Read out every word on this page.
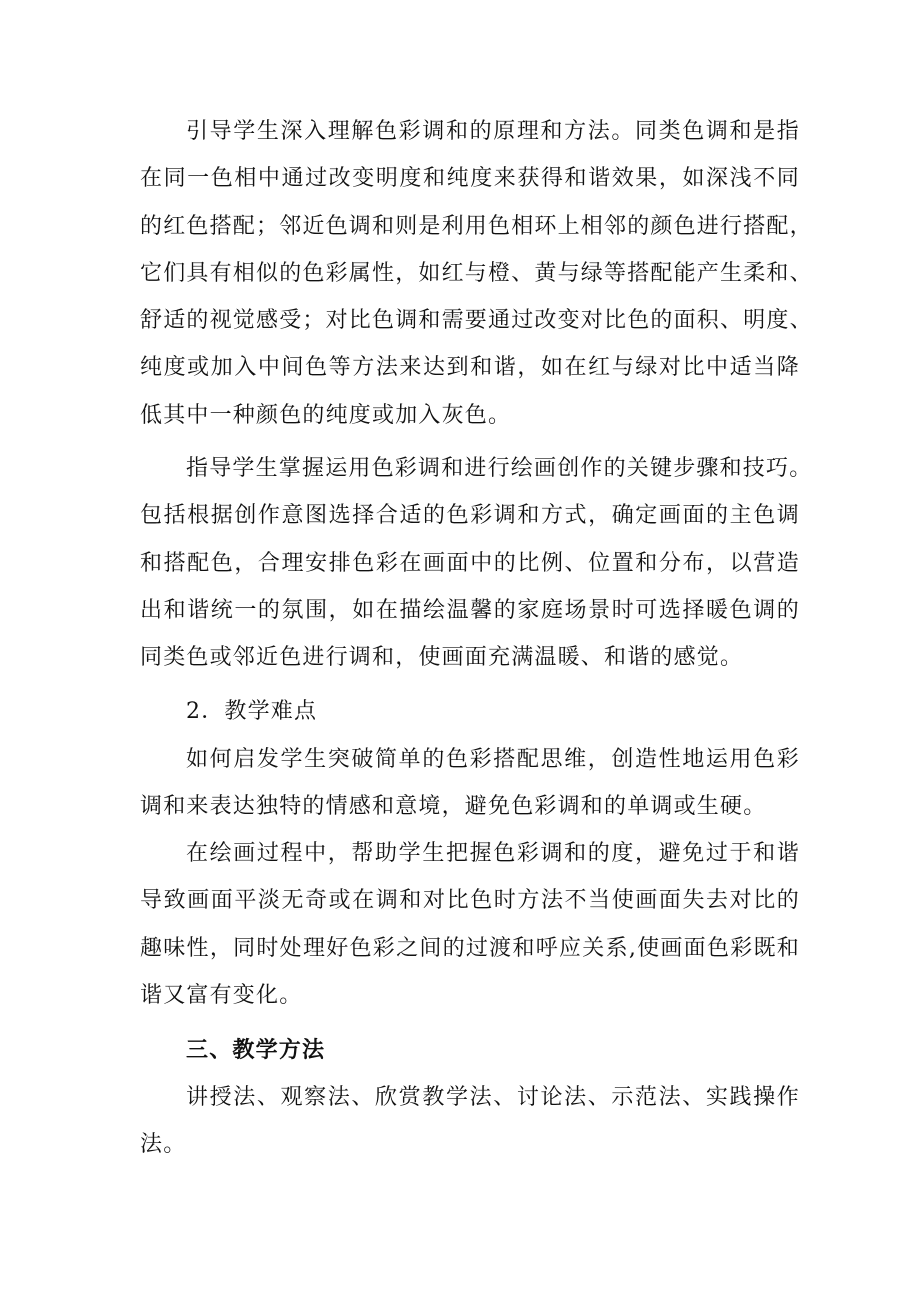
引导学生深入理解色彩调和的原理和方法。同类色调和是指
在同一色相中通过改变明度和纯度来获得和谐效果，如深浅不同
的红色搭配；邻近色调和则是利用色相环上相邻的颜色进行搭配，
它们具有相似的色彩属性，如红与橙、黄与绿等搭配能产生柔和、
舒适的视觉感受；对比色调和需要通过改变对比色的面积、明度、
纯度或加入中间色等方法来达到和谐，如在红与绿对比中适当降
低其中一种颜色的纯度或加入灰色。
指导学生掌握运用色彩调和进行绘画创作的关键步骤和技巧。
包括根据创作意图选择合适的色彩调和方式，确定画面的主色调
和搭配色，合理安排色彩在画面中的比例、位置和分布，以营造
出和谐统一的氛围，如在描绘温馨的家庭场景时可选择暖色调的
同类色或邻近色进行调和，使画面充满温暖、和谐的感觉。
2．教学难点
如何启发学生突破简单的色彩搭配思维，创造性地运用色彩
调和来表达独特的情感和意境，避免色彩调和的单调或生硬。
在绘画过程中，帮助学生把握色彩调和的度，避免过于和谐
导致画面平淡无奇或在调和对比色时方法不当使画面失去对比的
趣味性，同时处理好色彩之间的过渡和呼应关系,使画面色彩既和
谐又富有变化。
三、教学方法
讲授法、观察法、欣赏教学法、讨论法、示范法、实践操作
法。
